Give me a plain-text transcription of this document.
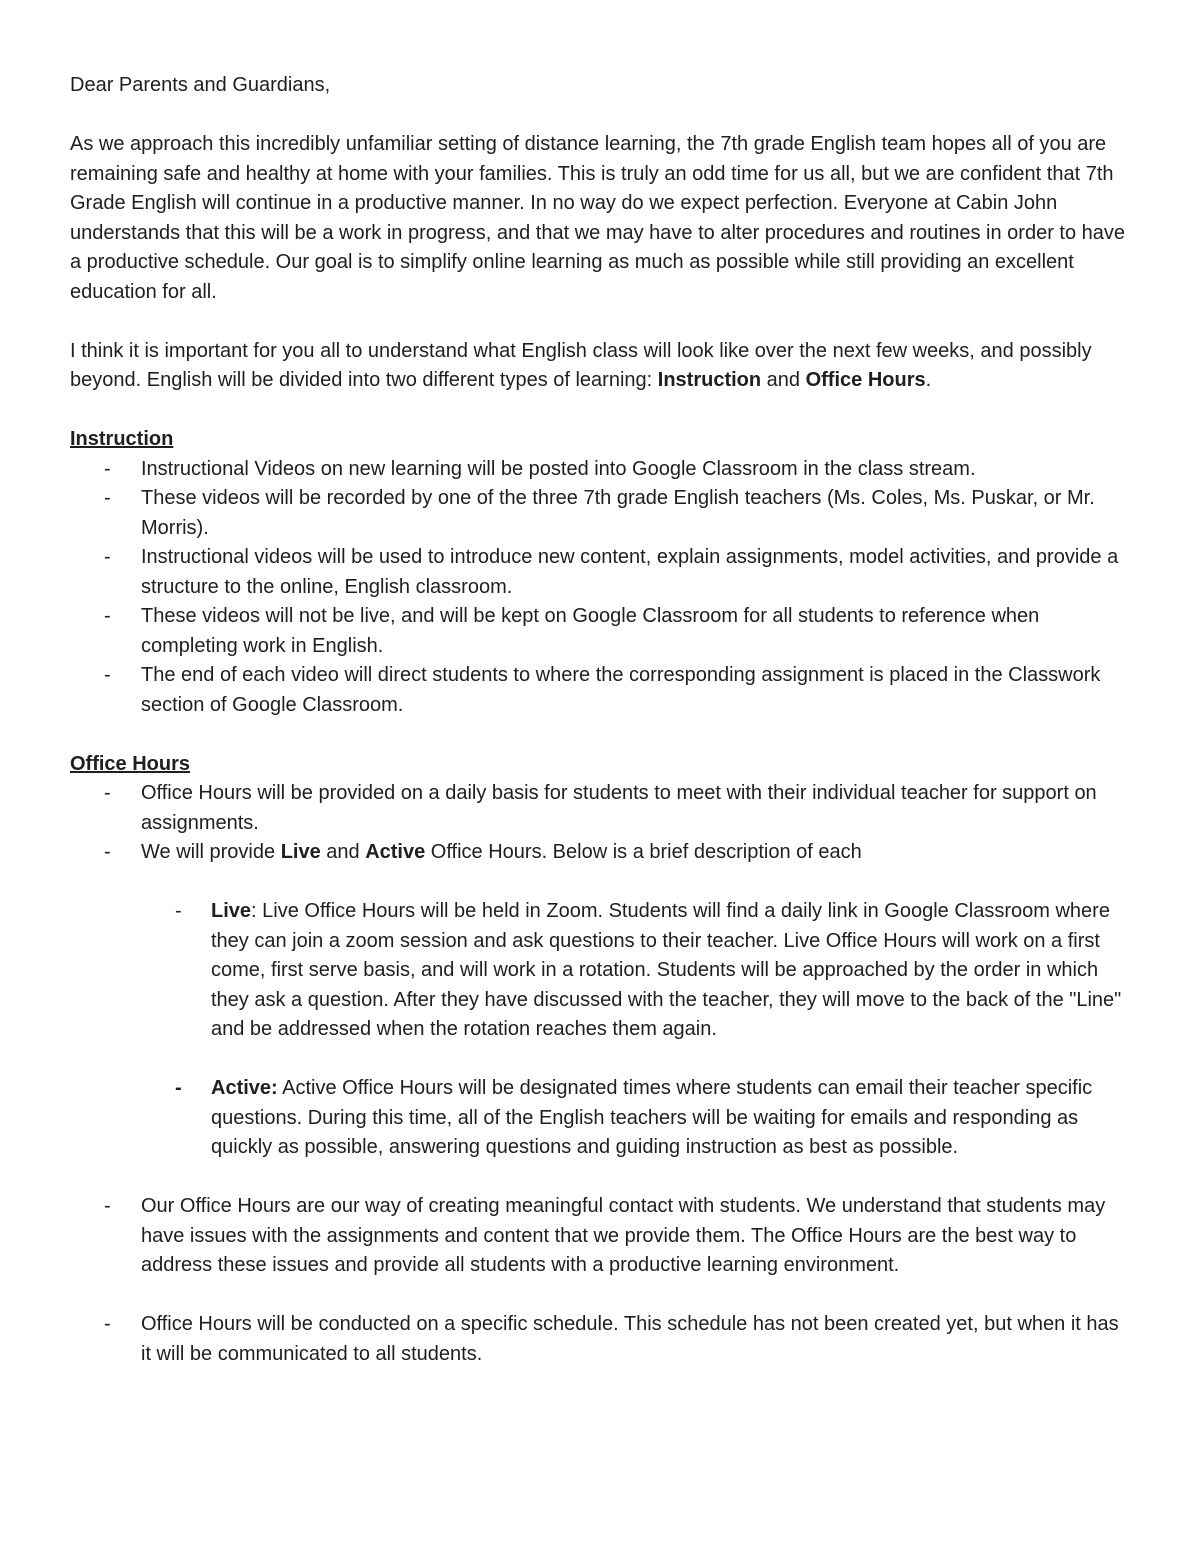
Dear Parents and Guardians,

As we approach this incredibly unfamiliar setting of distance learning, the 7th grade English team hopes all of you are remaining safe and healthy at home with your families. This is truly an odd time for us all, but we are confident that 7th Grade English will continue in a productive manner. In no way do we expect perfection. Everyone at Cabin John understands that this will be a work in progress, and that we may have to alter procedures and routines in order to have a productive schedule. Our goal is to simplify online learning as much as possible while still providing an excellent education for all.

I think it is important for you all to understand what English class will look like over the next few weeks, and possibly beyond. English will be divided into two different types of learning: Instruction and Office Hours.

Instruction

- Instructional Videos on new learning will be posted into Google Classroom in the class stream.
- These videos will be recorded by one of the three 7th grade English teachers (Ms. Coles, Ms. Puskar, or Mr. Morris).
- Instructional videos will be used to introduce new content, explain assignments, model activities, and provide a structure to the online, English classroom.
- These videos will not be live, and will be kept on Google Classroom for all students to reference when completing work in English.
- The end of each video will direct students to where the corresponding assignment is placed in the Classwork section of Google Classroom.

Office Hours

- Office Hours will be provided on a daily basis for students to meet with their individual teacher for support on assignments.
- We will provide Live and Active Office Hours. Below is a brief description of each
- Live: Live Office Hours will be held in Zoom. Students will find a daily link in Google Classroom where they can join a zoom session and ask questions to their teacher. Live Office Hours will work on a first come, first serve basis, and will work in a rotation. Students will be approached by the order in which they ask a question. After they have discussed with the teacher, they will move to the back of the "Line" and be addressed when the rotation reaches them again.
- Active: Active Office Hours will be designated times where students can email their teacher specific questions. During this time, all of the English teachers will be waiting for emails and responding as quickly as possible, answering questions and guiding instruction as best as possible.
- Our Office Hours are our way of creating meaningful contact with students. We understand that students may have issues with the assignments and content that we provide them. The Office Hours are the best way to address these issues and provide all students with a productive learning environment.
- Office Hours will be conducted on a specific schedule. This schedule has not been created yet, but when it has it will be communicated to all students.
